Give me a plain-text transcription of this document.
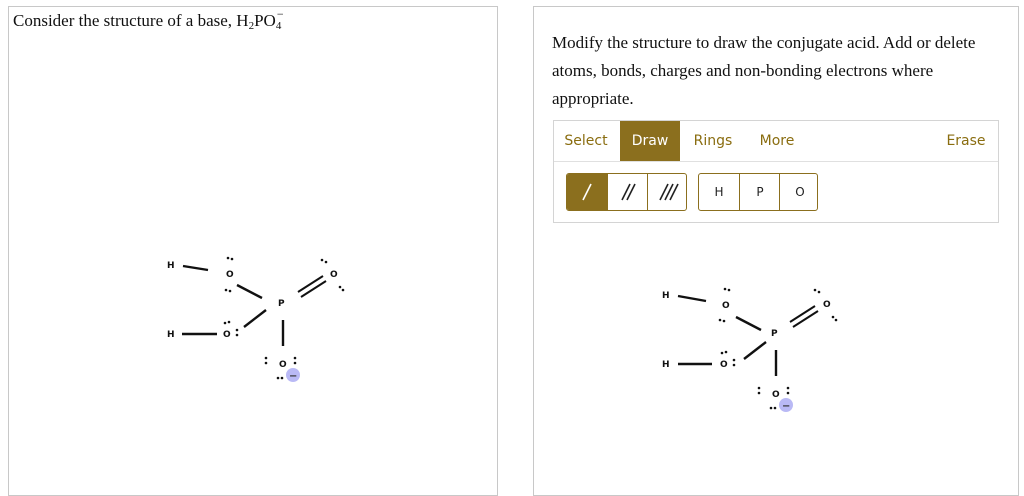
Consider the structure of a base, $H_2PO$ −
$_4$
Modify the structure to draw the conjugate acid. Add or delete atoms, bonds, charges and non-bonding electrons where appropriate.
Select	Draw	Rings	More	Erase
H	P	O
H
O
P
O
H	O
O
−
H
O
P
O
H	O
O
−
